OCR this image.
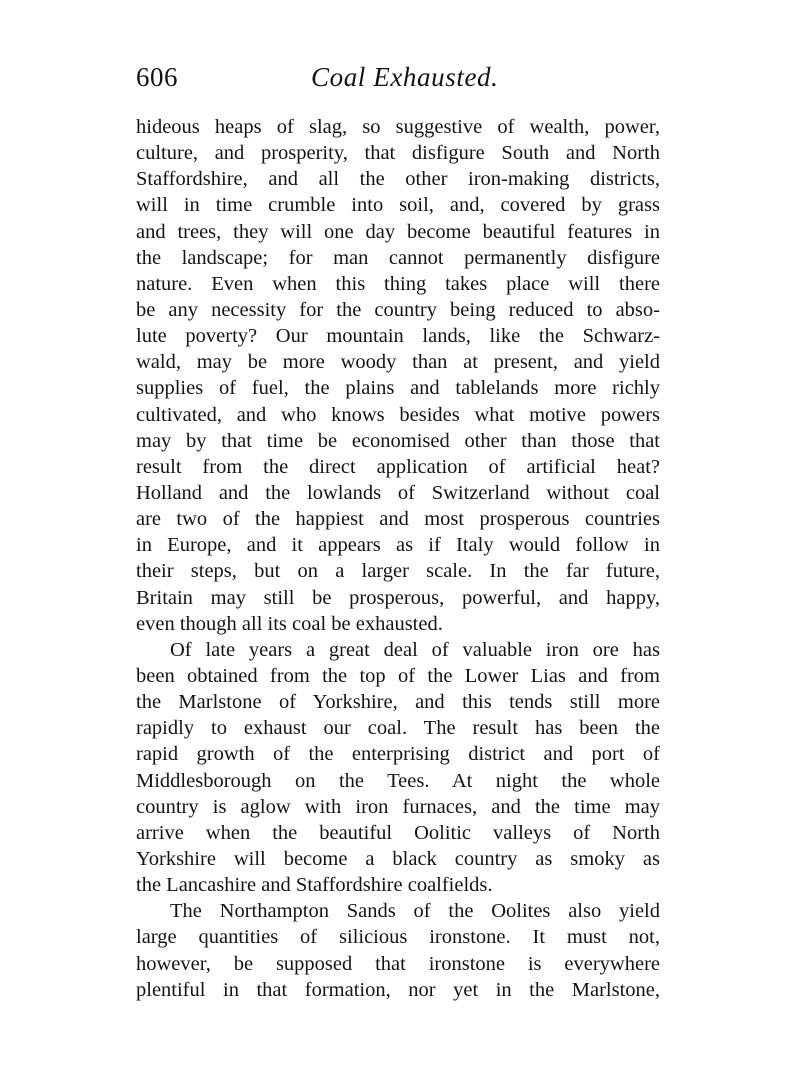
606	Coal Exhausted.
hideous heaps of slag, so suggestive of wealth, power,
culture, and prosperity, that disfigure South and North
Staffordshire, and all the other iron-making districts,
will in time crumble into soil, and, covered by grass
and trees, they will one day become beautiful features in
the landscape; for man cannot permanently disfigure
nature. Even when this thing takes place will there
be any necessity for the country being reduced to abso-
lute poverty? Our mountain lands, like the Schwarz-
wald, may be more woody than at present, and yield
supplies of fuel, the plains and tablelands more richly
cultivated, and who knows besides what motive powers
may by that time be economised other than those that
result from the direct application of artificial heat?
Holland and the lowlands of Switzerland without coal
are two of the happiest and most prosperous countries
in Europe, and it appears as if Italy would follow in
their steps, but on a larger scale. In the far future,
Britain may still be prosperous, powerful, and happy,
even though all its coal be exhausted.
Of late years a great deal of valuable iron ore has
been obtained from the top of the Lower Lias and from
the Marlstone of Yorkshire, and this tends still more
rapidly to exhaust our coal. The result has been the
rapid growth of the enterprising district and port of
Middlesborough on the Tees. At night the whole
country is aglow with iron furnaces, and the time may
arrive when the beautiful Oolitic valleys of North
Yorkshire will become a black country as smoky as
the Lancashire and Staffordshire coalfields.
The Northampton Sands of the Oolites also yield
large quantities of silicious ironstone. It must not,
however, be supposed that ironstone is everywhere
plentiful in that formation, nor yet in the Marlstone,
